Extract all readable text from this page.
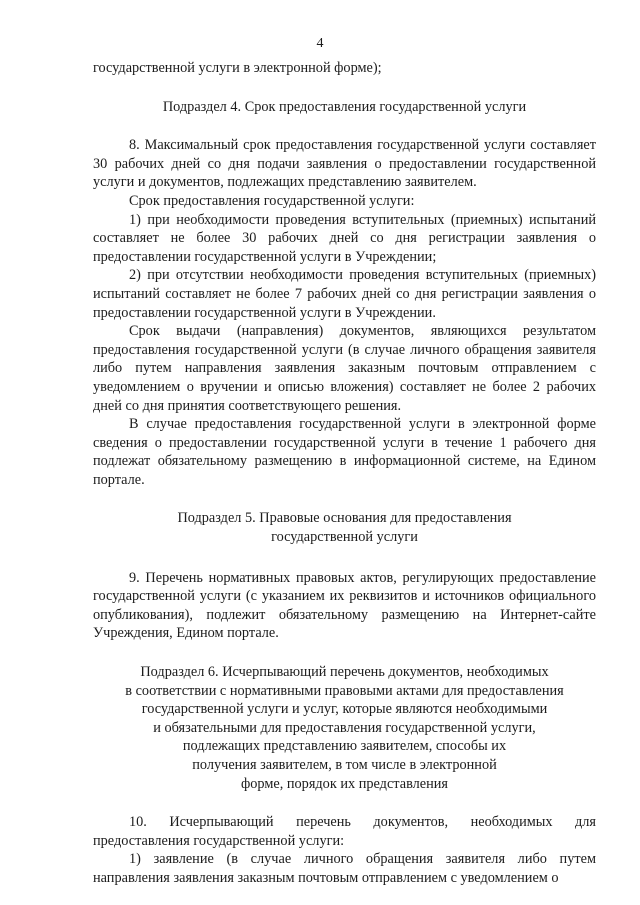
4

государственной услуги в электронной форме);

Подраздел 4. Срок предоставления государственной услуги

8. Максимальный срок предоставления государственной услуги составляет 30 рабочих дней со дня подачи заявления о предоставлении государственной услуги и документов, подлежащих представлению заявителем.

Срок предоставления государственной услуги:

1) при необходимости проведения вступительных (приемных) испытаний составляет не более 30 рабочих дней со дня регистрации заявления о предоставлении государственной услуги в Учреждении;

2) при отсутствии необходимости проведения вступительных (приемных) испытаний составляет не более 7 рабочих дней со дня регистрации заявления о предоставлении государственной услуги в Учреждении.

Срок выдачи (направления) документов, являющихся результатом предоставления государственной услуги (в случае личного обращения заявителя либо путем направления заявления заказным почтовым отправлением с уведомлением о вручении и описью вложения) составляет не более 2 рабочих дней со дня принятия соответствующего решения.

В случае предоставления государственной услуги в электронной форме сведения о предоставлении государственной услуги в течение 1 рабочего дня подлежат обязательному размещению в информационной системе, на Едином портале.

Подраздел 5. Правовые основания для предоставления
государственной услуги

9. Перечень нормативных правовых актов, регулирующих предоставление государственной услуги (с указанием их реквизитов и источников официального опубликования), подлежит обязательному размещению на Интернет-сайте Учреждения, Едином портале.

Подраздел 6. Исчерпывающий перечень документов, необходимых
в соответствии с нормативными правовыми актами для предоставления
государственной услуги и услуг, которые являются необходимыми
и обязательными для предоставления государственной услуги,
подлежащих представлению заявителем, способы их
получения заявителем, в том числе в электронной
форме, порядок их представления

10. Исчерпывающий перечень документов, необходимых для предоставления государственной услуги:

1) заявление (в случае личного обращения заявителя либо путем направления заявления заказным почтовым отправлением с уведомлением о
